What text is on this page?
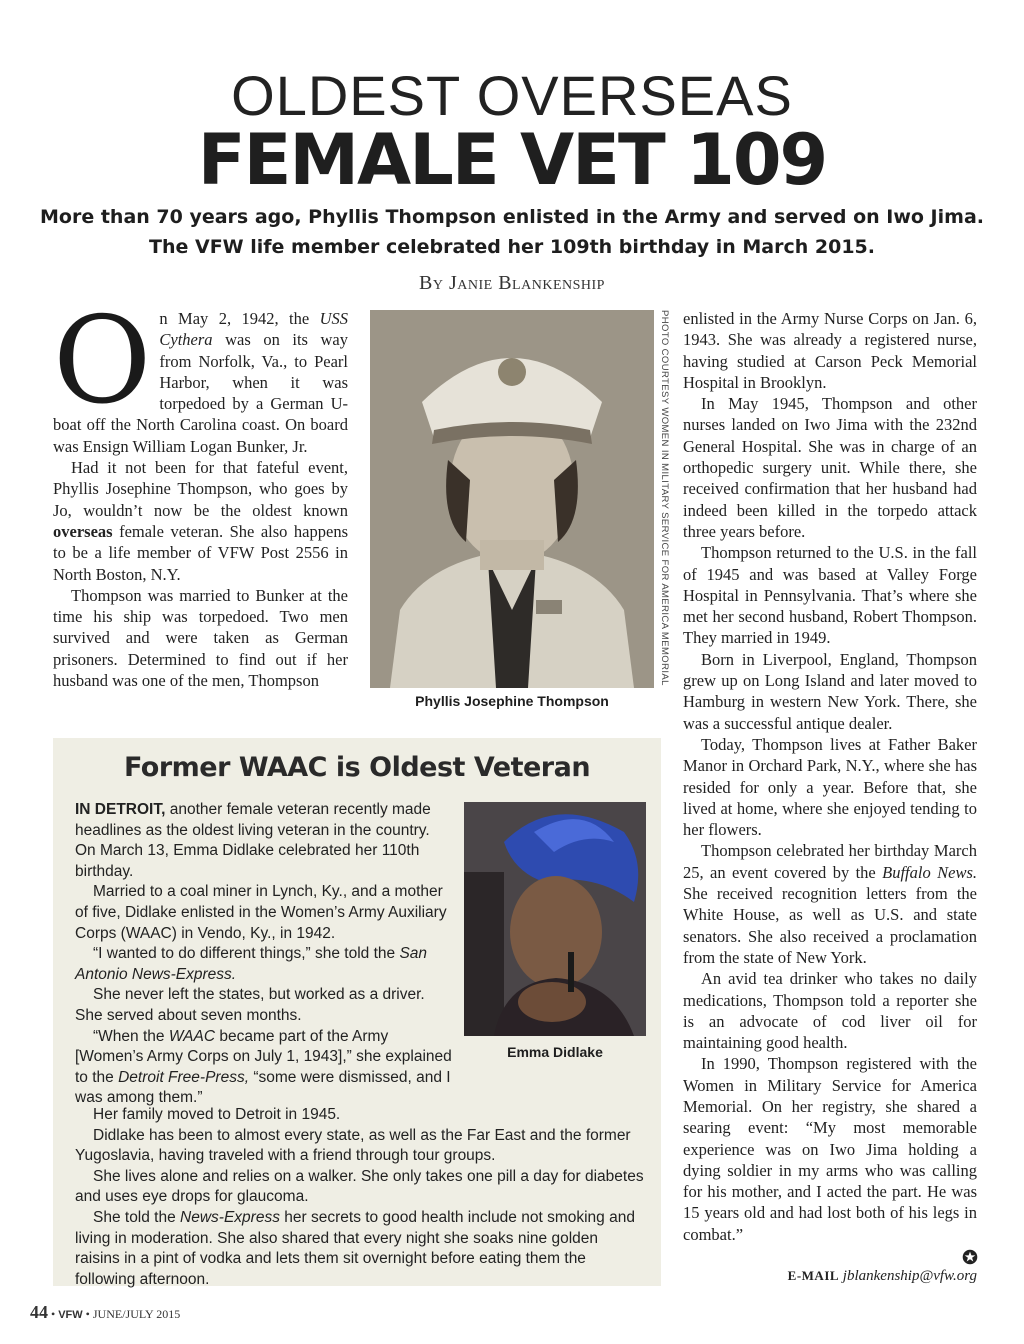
OLDEST OVERSEAS
FEMALE VET 109
More than 70 years ago, Phyllis Thompson enlisted in the Army and served on Iwo Jima.
The VFW life member celebrated her 109th birthday in March 2015.
By Janie Blankenship
O n May 2, 1942, the USS Cythera was on its way from Norfolk, Va., to Pearl Harbor, when it was torpedoed by a German U-boat off the North Carolina coast. On board was Ensign William Logan Bunker, Jr.

Had it not been for that fateful event, Phyllis Josephine Thompson, who goes by Jo, wouldn’t now be the oldest known overseas female veteran. She also happens to be a life member of VFW Post 2556 in North Boston, N.Y.

Thompson was married to Bunker at the time his ship was torpedoed. Two men survived and were taken as German prisoners. Determined to find out if her husband was one of the men, Thompson	PHOTO COURTESY WOMEN IN MILITARY SERVICE FOR AMERICA MEMORIAL
Phyllis Josephine Thompson

enlisted in the Army Nurse Corps on Jan. 6, 1943. She was already a registered nurse, having studied at Carson Peck Memorial Hospital in Brooklyn.

In May 1945, Thompson and other nurses landed on Iwo Jima with the 232nd General Hospital. She was in charge of an orthopedic surgery unit. While there, she received confirmation that her husband had indeed been killed in the torpedo attack three years before.

Thompson returned to the U.S. in the fall of 1945 and was based at Valley Forge Hospital in Pennsylvania. That’s where she met her second husband, Robert Thompson. They married in 1949.

Born in Liverpool, England, Thompson grew up on Long Island and later moved to Hamburg in western New York. There, she was a successful antique dealer.

Today, Thompson lives at Father Baker Manor in Orchard Park, N.Y., where she has resided for only a year. Before that, she lived at home, where she enjoyed tending to her flowers.

Thompson celebrated her birthday March 25, an event covered by the Buffalo News. She received recognition letters from the White House, as well as U.S. and state senators. She also received a proclamation from the state of New York.

An avid tea drinker who takes no daily medications, Thompson told a reporter she is an advocate of cod liver oil for maintaining good health.

In 1990, Thompson registered with the Women in Military Service for America Memorial. On her registry, she shared a searing event: “My most memorable experience was on Iwo Jima holding a dying soldier in my arms who was calling for his mother, and I acted the part. He was 15 years old and had lost both of his legs in combat.”

E-MAIL jblankenship@vfw.org
Former WAAC is Oldest Veteran

IN DETROIT, another female veteran recently made headlines as the oldest living veteran in the country. On March 13, Emma Didlake celebrated her 110th birthday.

Married to a coal miner in Lynch, Ky., and a mother of five, Didlake enlisted in the Women’s Army Auxiliary Corps (WAAC) in Vendo, Ky., in 1942.

“I wanted to do different things,” she told the San Antonio News-Express.

She never left the states, but worked as a driver. She served about seven months.

“When the WAAC became part of the Army [Women’s Army Corps on July 1, 1943],” she explained to the Detroit Free-Press, “some were dismissed, and I was among them.”

Emma Didlake

Her family moved to Detroit in 1945.

Didlake has been to almost every state, as well as the Far East and the former Yugoslavia, having traveled with a friend through tour groups.

She lives alone and relies on a walker. She only takes one pill a day for diabetes and uses eye drops for glaucoma.

She told the News-Express her secrets to good health include not smoking and living in moderation. She also shared that every night she soaks nine golden raisins in a pint of vodka and lets them sit overnight before eating them the following afternoon.

44 • VFW • JUNE/JULY 2015
